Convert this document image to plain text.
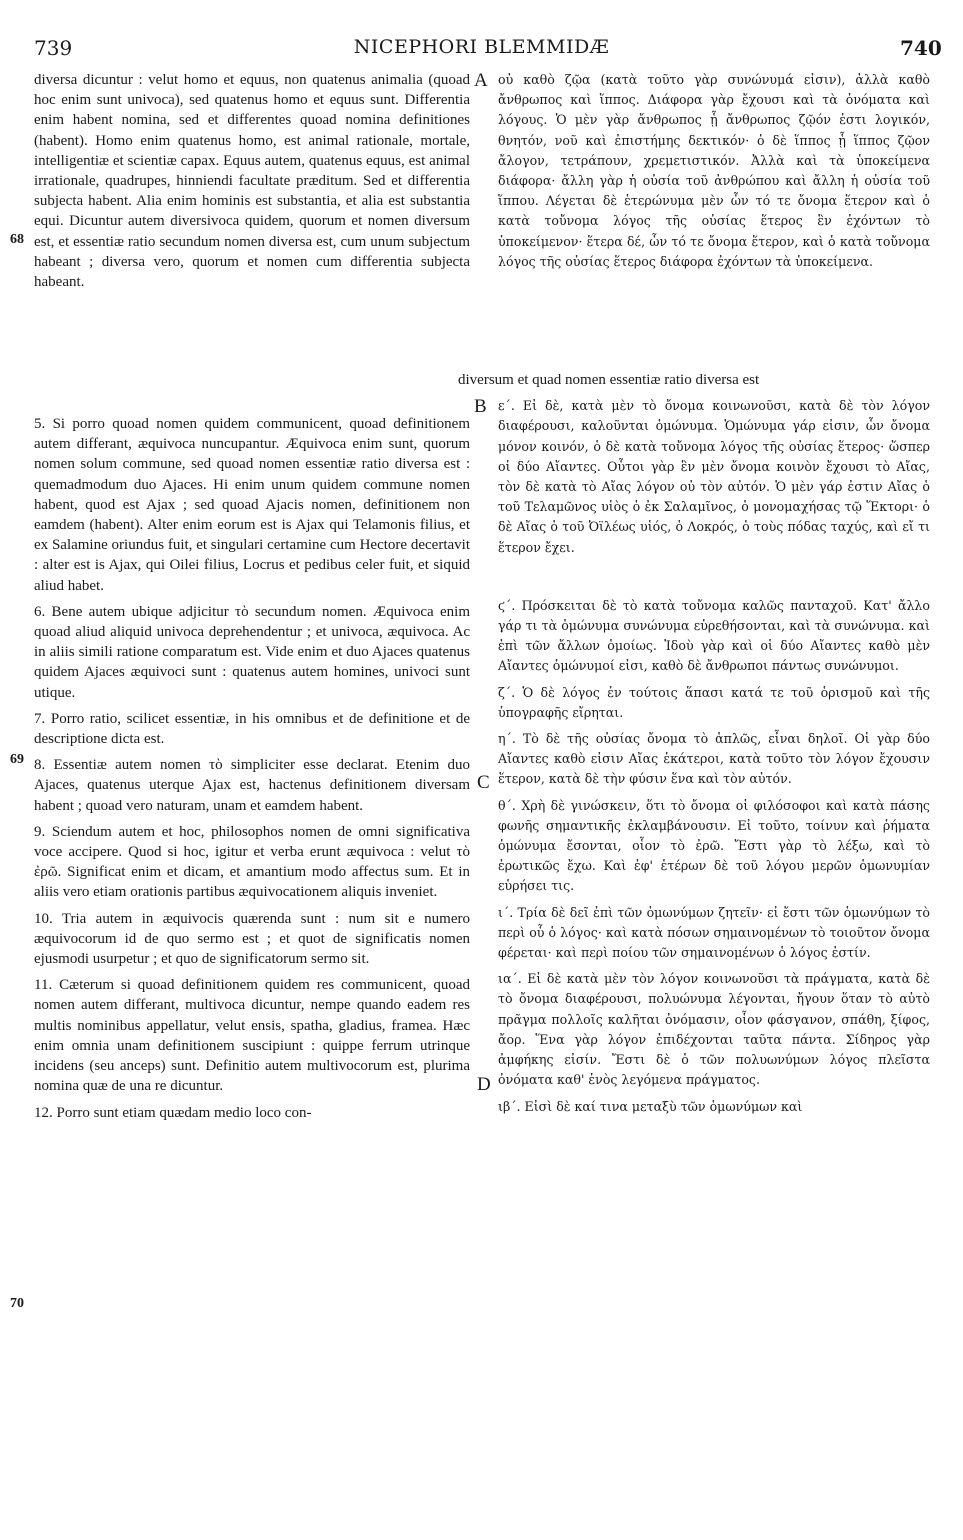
739	NICEPHORI BLEMMIDÆ	740
diversa dicuntur : velut homo et equus, non quatenus animalia (quoad hoc enim sunt univoca), sed quatenus homo et equus sunt. Differentia enim habent nomina, sed et differentes quoad nomina definitiones (habent). Homo enim quatenus homo, est animal rationale, mortale, intelligentiæ et scientiæ capax. Equus autem, quatenus equus, est animal irrationale, quadrupes, hinniendi facultate præditum. Sed et differentia subjecta habent. Alia enim hominis est substantia, et alia est substantia equi. Dicuntur autem diversivoca quidem, quorum et nomen diversum est, et essentiæ ratio secundum nomen diversa est, cum unum subjectum habeant ; diversa vero, quorum et nomen cum differentia subjecta habeant.
5. Si porro quoad nomen quidem communicent, quoad definitionem autem differant, æquivoca nuncupantur. Æquivoca enim sunt, quorum nomen solum commune, sed quoad nomen essentiæ ratio diversa est : quemadmodum duo Ajaces. Hi enim unum quidem commune nomen habent, quod est Ajax ; sed quoad Ajacis nomen, definitionem non eamdem (habent). Alter enim eorum est is Ajax qui Telamonis filius, et ex Salamine oriundus fuit, et singulari certamine cum Hectore decertavit : alter est is Ajax, qui Oilei filius, Locrus et pedibus celer fuit, et siquid aliud habet.
6. Bene autem ubique adjicitur τὸ secundum nomen. Æquivoca enim quoad aliud aliquid univoca deprehendentur ; et univoca, æquivoca. Ac in aliis simili ratione comparatum est. Vide enim et duo Ajaces quatenus quidem Ajaces æquivoci sunt : quatenus autem homines, univoci sunt utique.
7. Porro ratio, scilicet essentiæ, in his omnibus et de definitione et de descriptione dicta est.
8. Essentiæ autem nomen τὸ simpliciter esse declarat. Etenim duo Ajaces, quatenus uterque Ajax est, hactenus definitionem diversam habent ; quoad vero naturam, unam et eamdem habent.
9. Sciendum autem et hoc, philosophos nomen de omni significativa voce accipere. Quod si hoc, igitur et verba erunt æquivoca : velut τὸ ἐρῶ. Significat enim et dicam, et amantium modo affectus sum. Et in aliis vero etiam orationis partibus æquivocationem aliquis inveniet.
10. Tria autem in æquivocis quærenda sunt : num sit e numero æquivocorum id de quo sermo est ; et quot de significatis nomen ejusmodi usurpetur ; et quo de significatorum sermo sit.
11. Cæterum si quoad definitionem quidem res communicent, quoad nomen autem differant, multivoca dicuntur, nempe quando eadem res multis nominibus appellatur, velut ensis, spatha, gladius, framea. Hæc enim omnia unam definitionem suscipiunt : quippe ferrum utrinque incidens (seu anceps) sunt. Definitio autem multivocorum est, plurima nomina quæ de una re dicuntur.
12. Porro sunt etiam quædam medio loco con-
οὐ καθὸ ζῷα (κατὰ τοῦτο γὰρ συνώνυμά εἰσιν), ἀλλὰ καθὸ ἄνθρωπος καὶ ἵππος. Διάφορα γὰρ ἔχουσι καὶ τὰ ὀνόματα καὶ λόγους. Ὁ μὲν γὰρ ἄνθρωπος ᾗ ἄνθρωπος ζῷόν ἐστι λογικόν, θνητόν, νοῦ καὶ ἐπιστήμης δεκτικόν· ὁ δὲ ἵππος ᾗ ἵππος ζῷον ἄλογον, τετράπουν, χρεμετιστικόν. Ἀλλὰ καὶ τὰ ὑποκείμενα διάφορα· ἄλλη γὰρ ἡ οὐσία τοῦ ἀνθρώπου καὶ ἄλλη ἡ οὐσία τοῦ ἵππου. Λέγεται δὲ ἑτερώνυμα μὲν ὧν τό τε ὄνομα ἕτερον καὶ ὁ κατὰ τοὔνομα λόγος τῆς οὐσίας ἕτερος ἓν ἐχόντων τὸ ὑποκείμενον· ἕτερα δέ, ὧν τό τε ὄνομα ἕτερον, καὶ ὁ κατὰ τοὔνομα λόγος τῆς οὐσίας ἕτερος διάφορα ἐχόντων τὰ ὑποκείμενα.
diversum et quad nomen essentiæ ratio diversa est
ε΄. Εἰ δὲ, κατὰ μὲν τὸ ὄνομα κοινωνοῦσι, κατὰ δὲ τὸν λόγον διαφέρουσι, καλοῦνται ὁμώνυμα. Ὁμώνυμα γάρ εἰσιν, ὧν ὄνομα μόνον κοινόν, ὁ δὲ κατὰ τοὔνομα λόγος τῆς οὐσίας ἕτερος· ὥσπερ οἱ δύο Αἴαντες. Οὗτοι γὰρ ἓν μὲν ὄνομα κοινὸν ἔχουσι τὸ Αἴας, τὸν δὲ κατὰ τὸ Αἴας λόγον οὐ τὸν αὐτόν. Ὁ μὲν γάρ ἐστιν Αἴας ὁ τοῦ Τελαμῶνος υἱὸς ὁ ἐκ Σαλαμῖνος, ὁ μονομαχήσας τῷ Ἕκτορι· ὁ δὲ Αἴας ὁ τοῦ Ὀϊλέως υἱός, ὁ Λοκρός, ὁ τοὺς πόδας ταχύς, καὶ εἴ τι ἕτερον ἔχει.
ϛ΄. Πρόσκειται δὲ τὸ κατὰ τοὔνομα καλῶς πανταχοῦ. Κατ' ἄλλο γάρ τι τὰ ὁμώνυμα συνώνυμα εὑρεθήσονται, καὶ τὰ συνώνυμα. καὶ ἐπὶ τῶν ἄλλων ὁμοίως. Ἰδοὺ γὰρ καὶ οἱ δύο Αἴαντες καθὸ μὲν Αἴαντες ὁμώνυμοί εἰσι, καθὸ δὲ ἄνθρωποι πάντως συνώνυμοι.
ζ΄. Ὁ δὲ λόγος ἐν τούτοις ἅπασι κατά τε τοῦ ὁρισμοῦ καὶ τῆς ὑπογραφῆς εἴρηται.
η΄. Τὸ δὲ τῆς οὐσίας ὄνομα τὸ ἁπλῶς, εἶναι δηλοῖ. Οἱ γὰρ δύο Αἴαντες καθὸ εἰσιν Αἴας ἑκάτεροι, κατὰ τοῦτο τὸν λόγον ἔχουσιν ἕτερον, κατὰ δὲ τὴν φύσιν ἕνα καὶ τὸν αὐτόν.
θ΄. Χρὴ δὲ γινώσκειν, ὅτι τὸ ὄνομα οἱ φιλόσοφοι καὶ κατὰ πάσης φωνῆς σημαντικῆς ἐκλαμβάνουσιν. Εἰ τοῦτο, τοίνυν καὶ ῥήματα ὁμώνυμα ἔσονται, οἷον τὸ ἐρῶ. Ἔστι γὰρ τὸ λέξω, καὶ τὸ ἐρωτικῶς ἔχω. Καὶ ἐφ' ἑτέρων δὲ τοῦ λόγου μερῶν ὁμωνυμίαν εὑρήσει τις.
ι΄. Τρία δὲ δεῖ ἐπὶ τῶν ὁμωνύμων ζητεῖν· εἰ ἔστι τῶν ὁμωνύμων τὸ περὶ οὗ ὁ λόγος· καὶ κατὰ πόσων σημαινομένων τὸ τοιοῦτον ὄνομα φέρεται· καὶ περὶ ποίου τῶν σημαινομένων ὁ λόγος ἐστίν.
ια΄. Εἰ δὲ κατὰ μὲν τὸν λόγον κοινωνοῦσι τὰ πράγματα, κατὰ δὲ τὸ ὄνομα διαφέρουσι, πολυώνυμα λέγονται, ἤγουν ὅταν τὸ αὐτὸ πρᾶγμα πολλοῖς καλῆται ὀνόμασιν, οἷον φάσγανον, σπάθη, ξίφος, ἄορ. Ἕνα γὰρ λόγον ἐπιδέχονται ταῦτα πάντα. Σίδηρος γὰρ ἀμφήκης εἰσίν. Ἔστι δὲ ὁ τῶν πολυωνύμων λόγος πλεῖστα ὀνόματα καθ' ἑνὸς λεγόμενα πράγματος.
ιβ΄. Εἰσὶ δὲ καί τινα μεταξὺ τῶν ὁμωνύμων καὶ
A
B
C
D
68
69
70
